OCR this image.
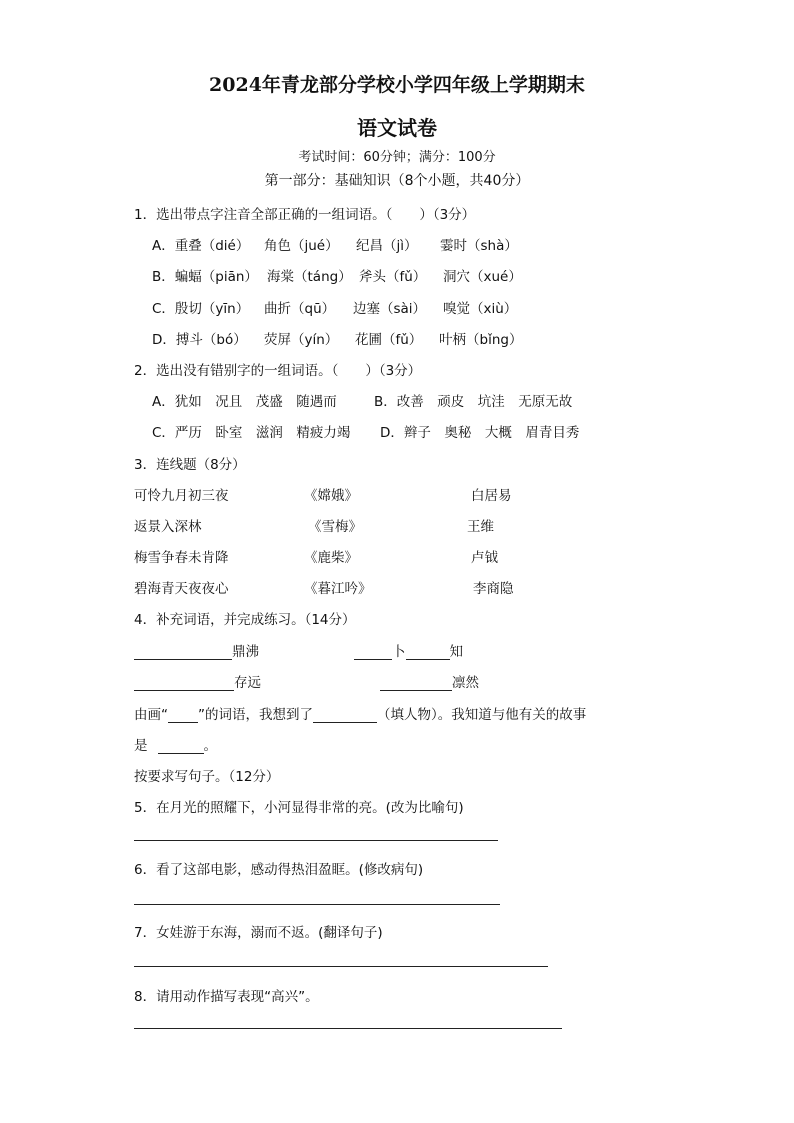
2024年青龙部分学校小学四年级上学期期末
语文试卷
考试时间：60分钟；满分：100分
第一部分：基础知识（8个小题，共40分）
1．选出带点字注音全部正确的一组词语。（　　）（3分）
A．重叠（dié） 角色（jué） 纪昌（jì） 霎时（shà）
B．蝙蝠（piān） 海棠（táng） 斧头（fǔ） 洞穴（xué）
C．殷切（yīn） 曲折（qū） 边塞（sài） 嗅觉（xiù）
D．搏斗（bó） 荧屏（yín） 花圃（fǔ） 叶柄（bǐng）
2．选出没有错别字的一组词语。（　　）（3分）
A．犹如　况且　茂盛　随遇而	B．改善　顽皮　坑洼　无原无故
C．严历　卧室　滋润　精疲力竭 D．辫子　奥秘　大概　眉青目秀
3．连线题（8分）
可怜九月初三夜	《嫦娥》	白居易
返景入深林	《雪梅》	王维
梅雪争春未肯降	《鹿柴》	卢钺
碧海青天夜夜心	《暮江吟》	李商隐
4．补充词语，并完成练习。（14分）
鼎沸	卜	知
存远	凛然
由画“ ”的词语，我想到了	（填人物）。我知道与他有关的故事
是	。
按要求写句子。（12分）
5．在月光的照耀下，小河显得非常的亮。(改为比喻句)
6．看了这部电影，感动得热泪盈眶。(修改病句)
7．女娃游于东海，溺而不返。(翻译句子)
8．请用动作描写表现“高兴”。
